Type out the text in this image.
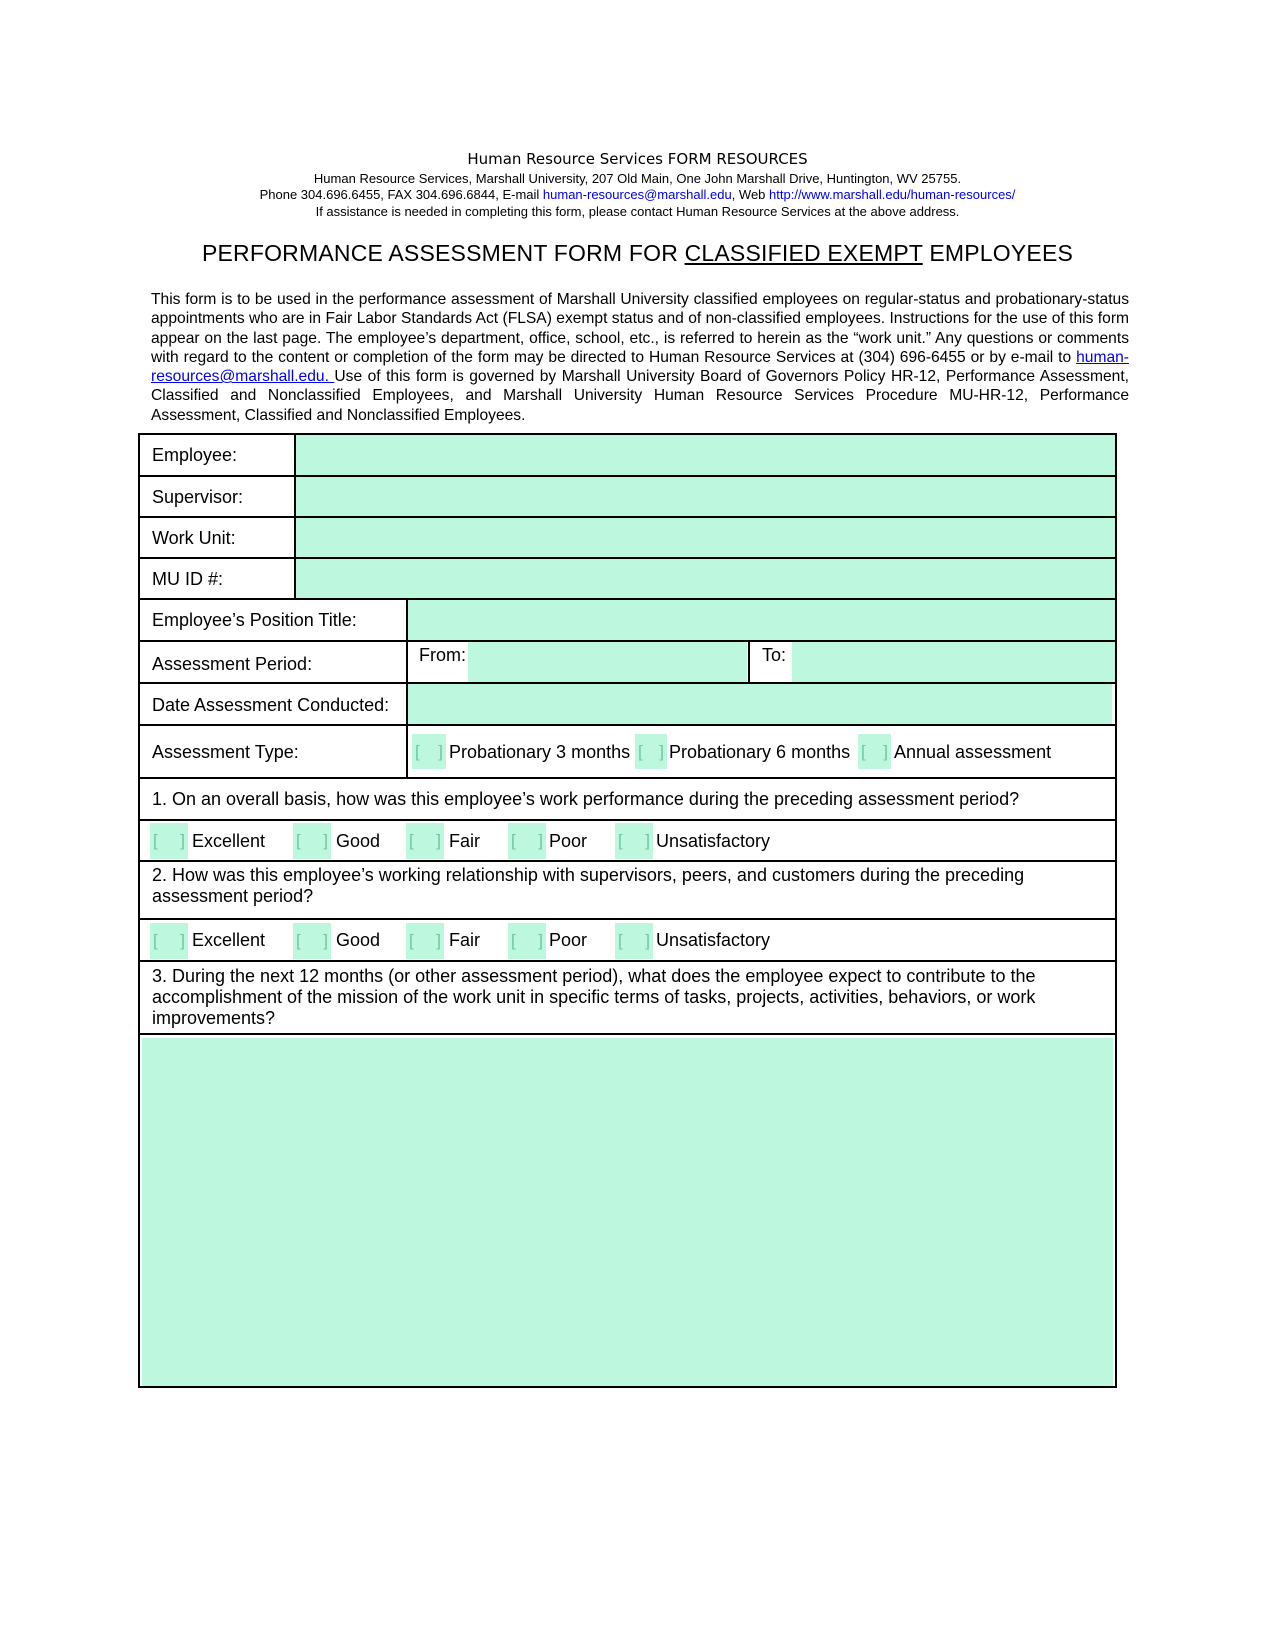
Human Resource Services FORM RESOURCES
Human Resource Services, Marshall University, 207 Old Main, One John Marshall Drive, Huntington, WV 25755.
Phone 304.696.6455, FAX 304.696.6844, E-mail human-resources@marshall.edu, Web http://www.marshall.edu/human-resources/
If assistance is needed in completing this form, please contact Human Resource Services at the above address.
PERFORMANCE ASSESSMENT FORM FOR CLASSIFIED EXEMPT EMPLOYEES
This form is to be used in the performance assessment of Marshall University classified employees on regular-status and probationary-status appointments who are in Fair Labor Standards Act (FLSA) exempt status and of non-classified employees. Instructions for the use of this form appear on the last page. The employee’s department, office, school, etc., is referred to herein as the “work unit.” Any questions or comments with regard to the content or completion of the form may be directed to Human Resource Services at (304) 696-6455 or by e-mail to human-resources@marshall.edu. Use of this form is governed by Marshall University Board of Governors Policy HR-12, Performance Assessment, Classified and Nonclassified Employees, and Marshall University Human Resource Services Procedure MU-HR-12, Performance Assessment, Classified and Nonclassified Employees.
Employee:
Supervisor:
Work Unit:
MU ID #:
Employee’s Position Title:
Assessment Period:	From:	To:
Date Assessment Conducted:
Assessment Type:	[ ] Probationary 3 months [ ] Probationary 6 months [ ] Annual assessment
1. On an overall basis, how was this employee’s work performance during the preceding assessment period?
[ ] Excellent [ ] Good [ ] Fair [ ] Poor [ ] Unsatisfactory
2. How was this employee’s working relationship with supervisors, peers, and customers during the preceding assessment period?
[ ] Excellent [ ] Good [ ] Fair [ ] Poor [ ] Unsatisfactory
3. During the next 12 months (or other assessment period), what does the employee expect to contribute to the accomplishment of the mission of the work unit in specific terms of tasks, projects, activities, behaviors, or work improvements?
